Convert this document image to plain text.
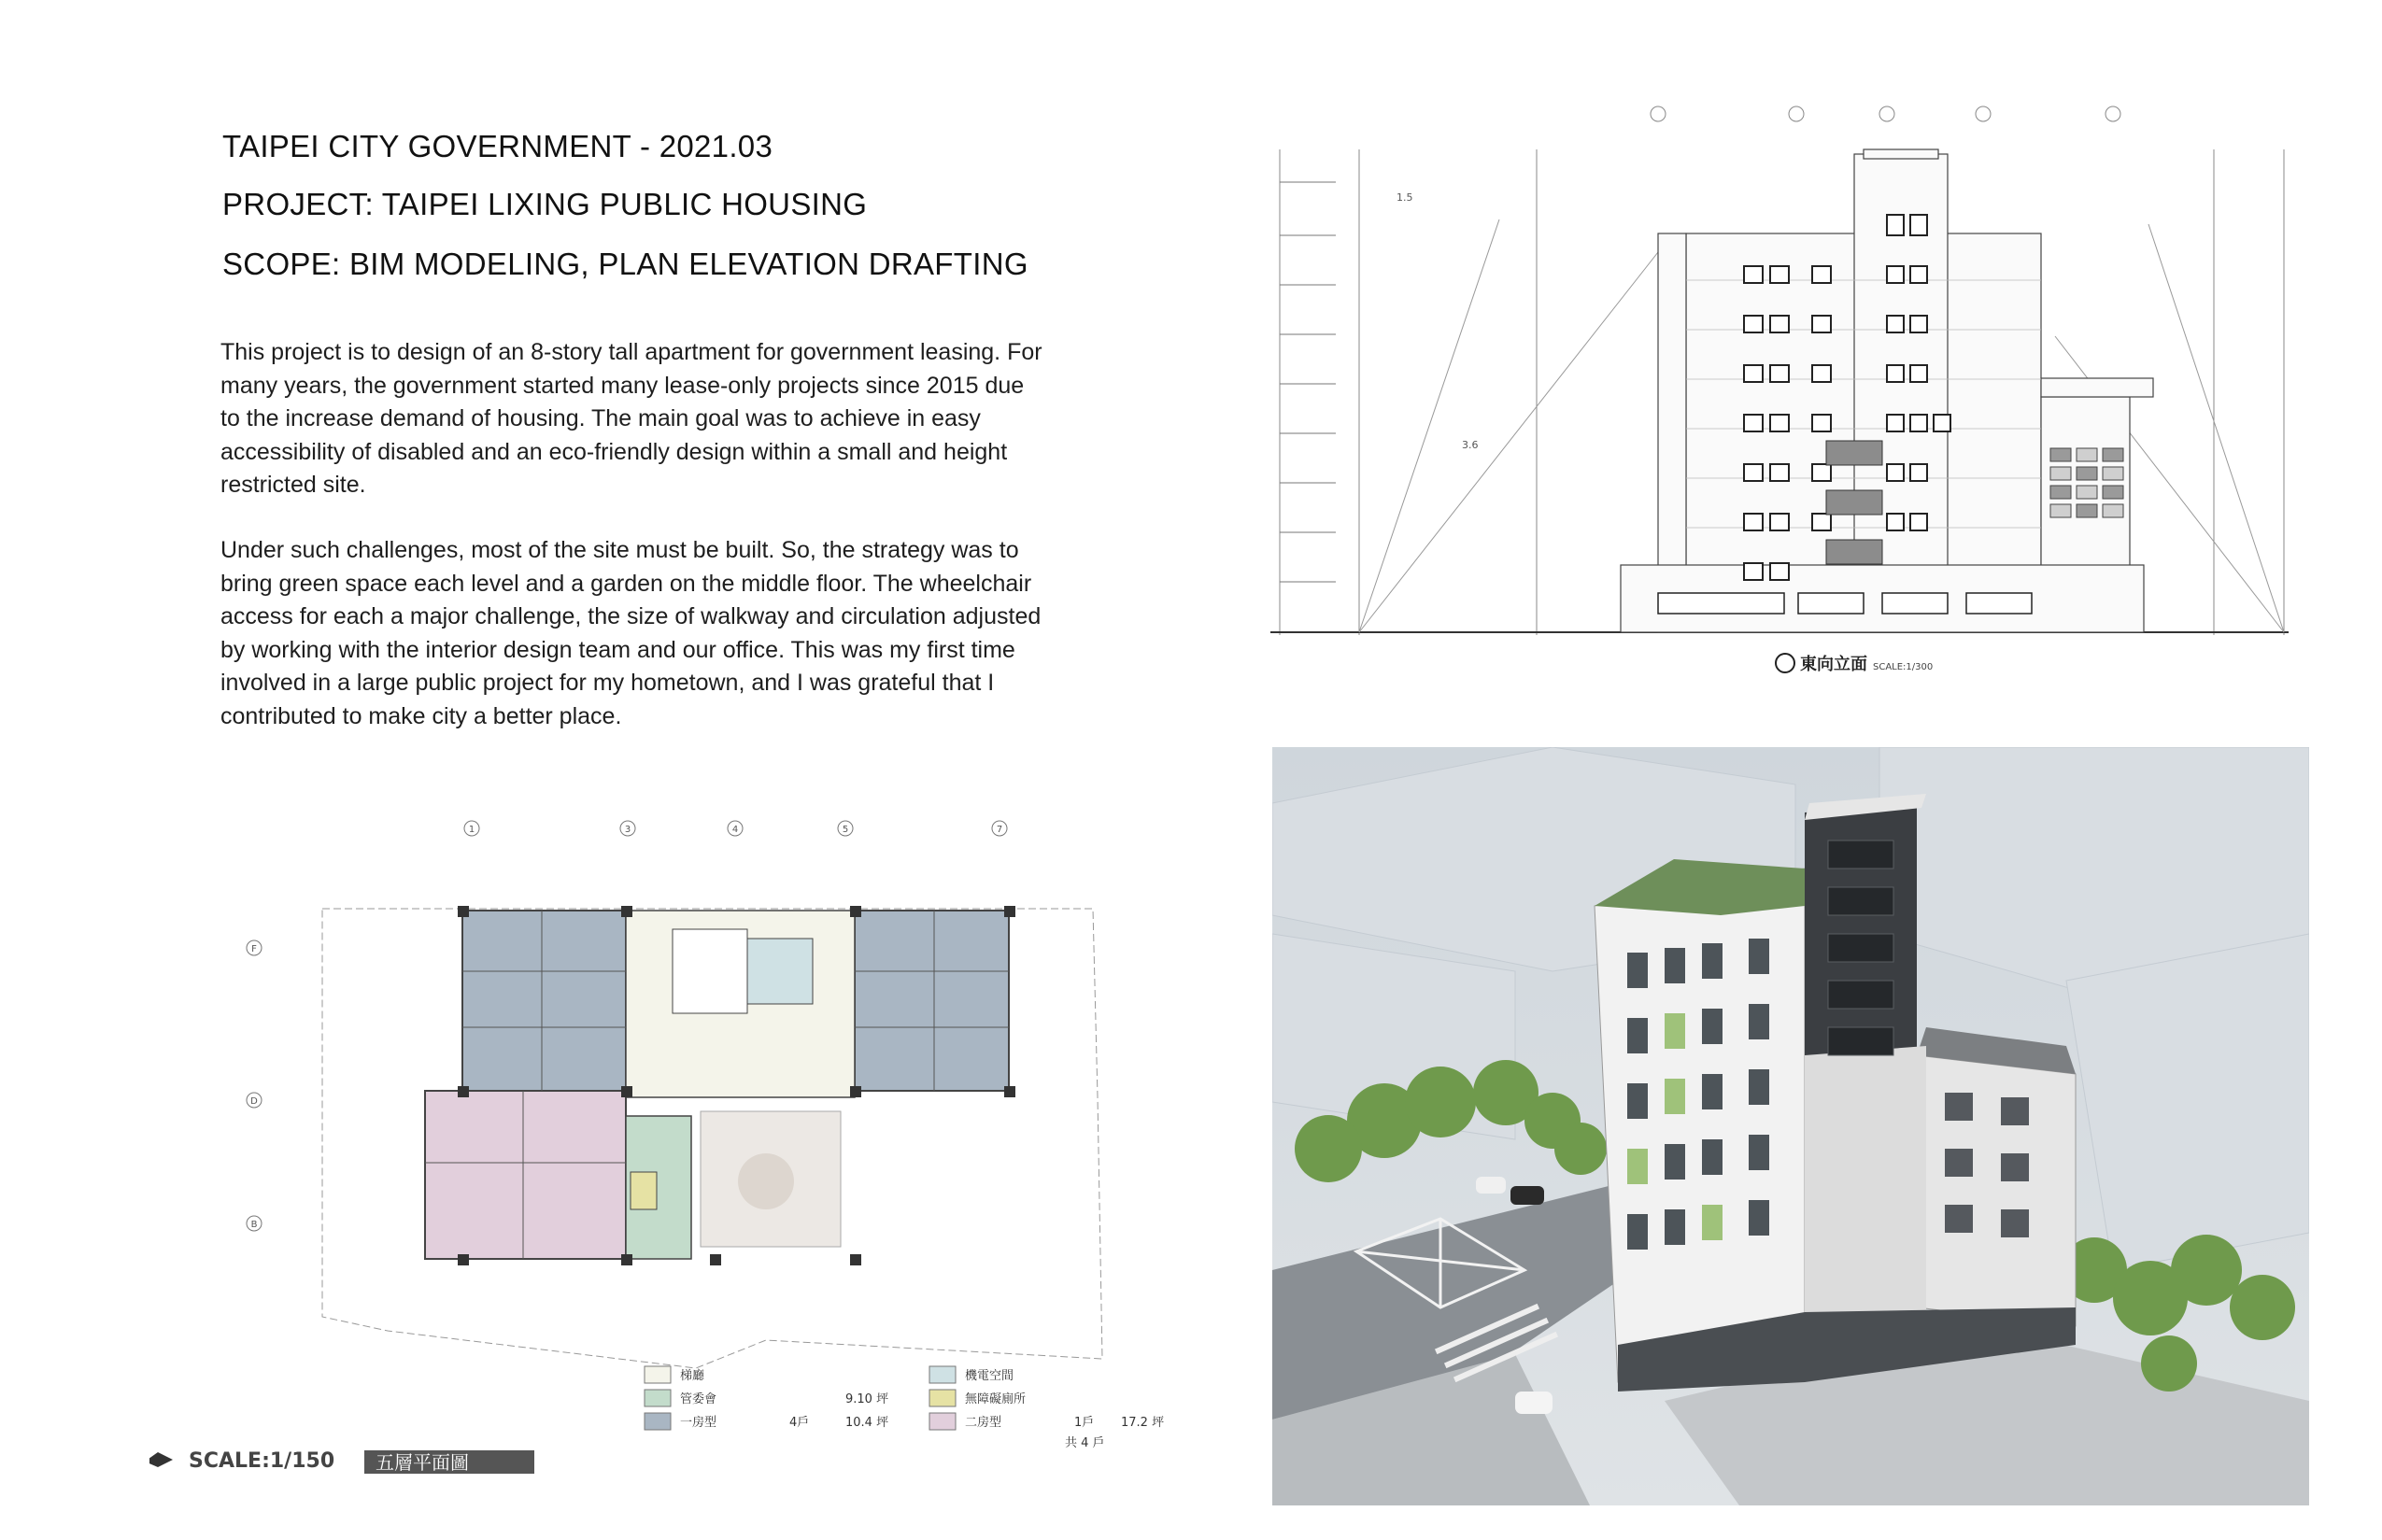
TAIPEI CITY GOVERNMENT - 2021.03
PROJECT: TAIPEI LIXING PUBLIC HOUSING
SCOPE: BIM MODELING, PLAN ELEVATION DRAFTING
This project is to design of an 8-story tall apartment for government leasing. For many years, the government started many lease-only projects since 2015 due to the increase demand of housing. The main goal was to achieve in easy accessibility of disabled and an eco-friendly design within a small and height restricted site.
Under such challenges, most of the site must be built. So, the strategy was to bring green space each level and a garden on the middle floor. The wheelchair access for each a major challenge, the size of walkway and circulation adjusted by working with the interior design team and our office. This was my first time involved in a large public project for my hometown, and I was grateful that I contributed to make city a better place.
1.5
3.6
東向立面 SCALE:1/300
1	3	4	5	7
F
D
B
梯廳
管委會
一房型
機電空間
無障礙廁所
二房型
9.10 坪
4戶	10.4 坪	1戶 17.2 坪
共 4 戶
SCALE:1/150 五層平面圖
